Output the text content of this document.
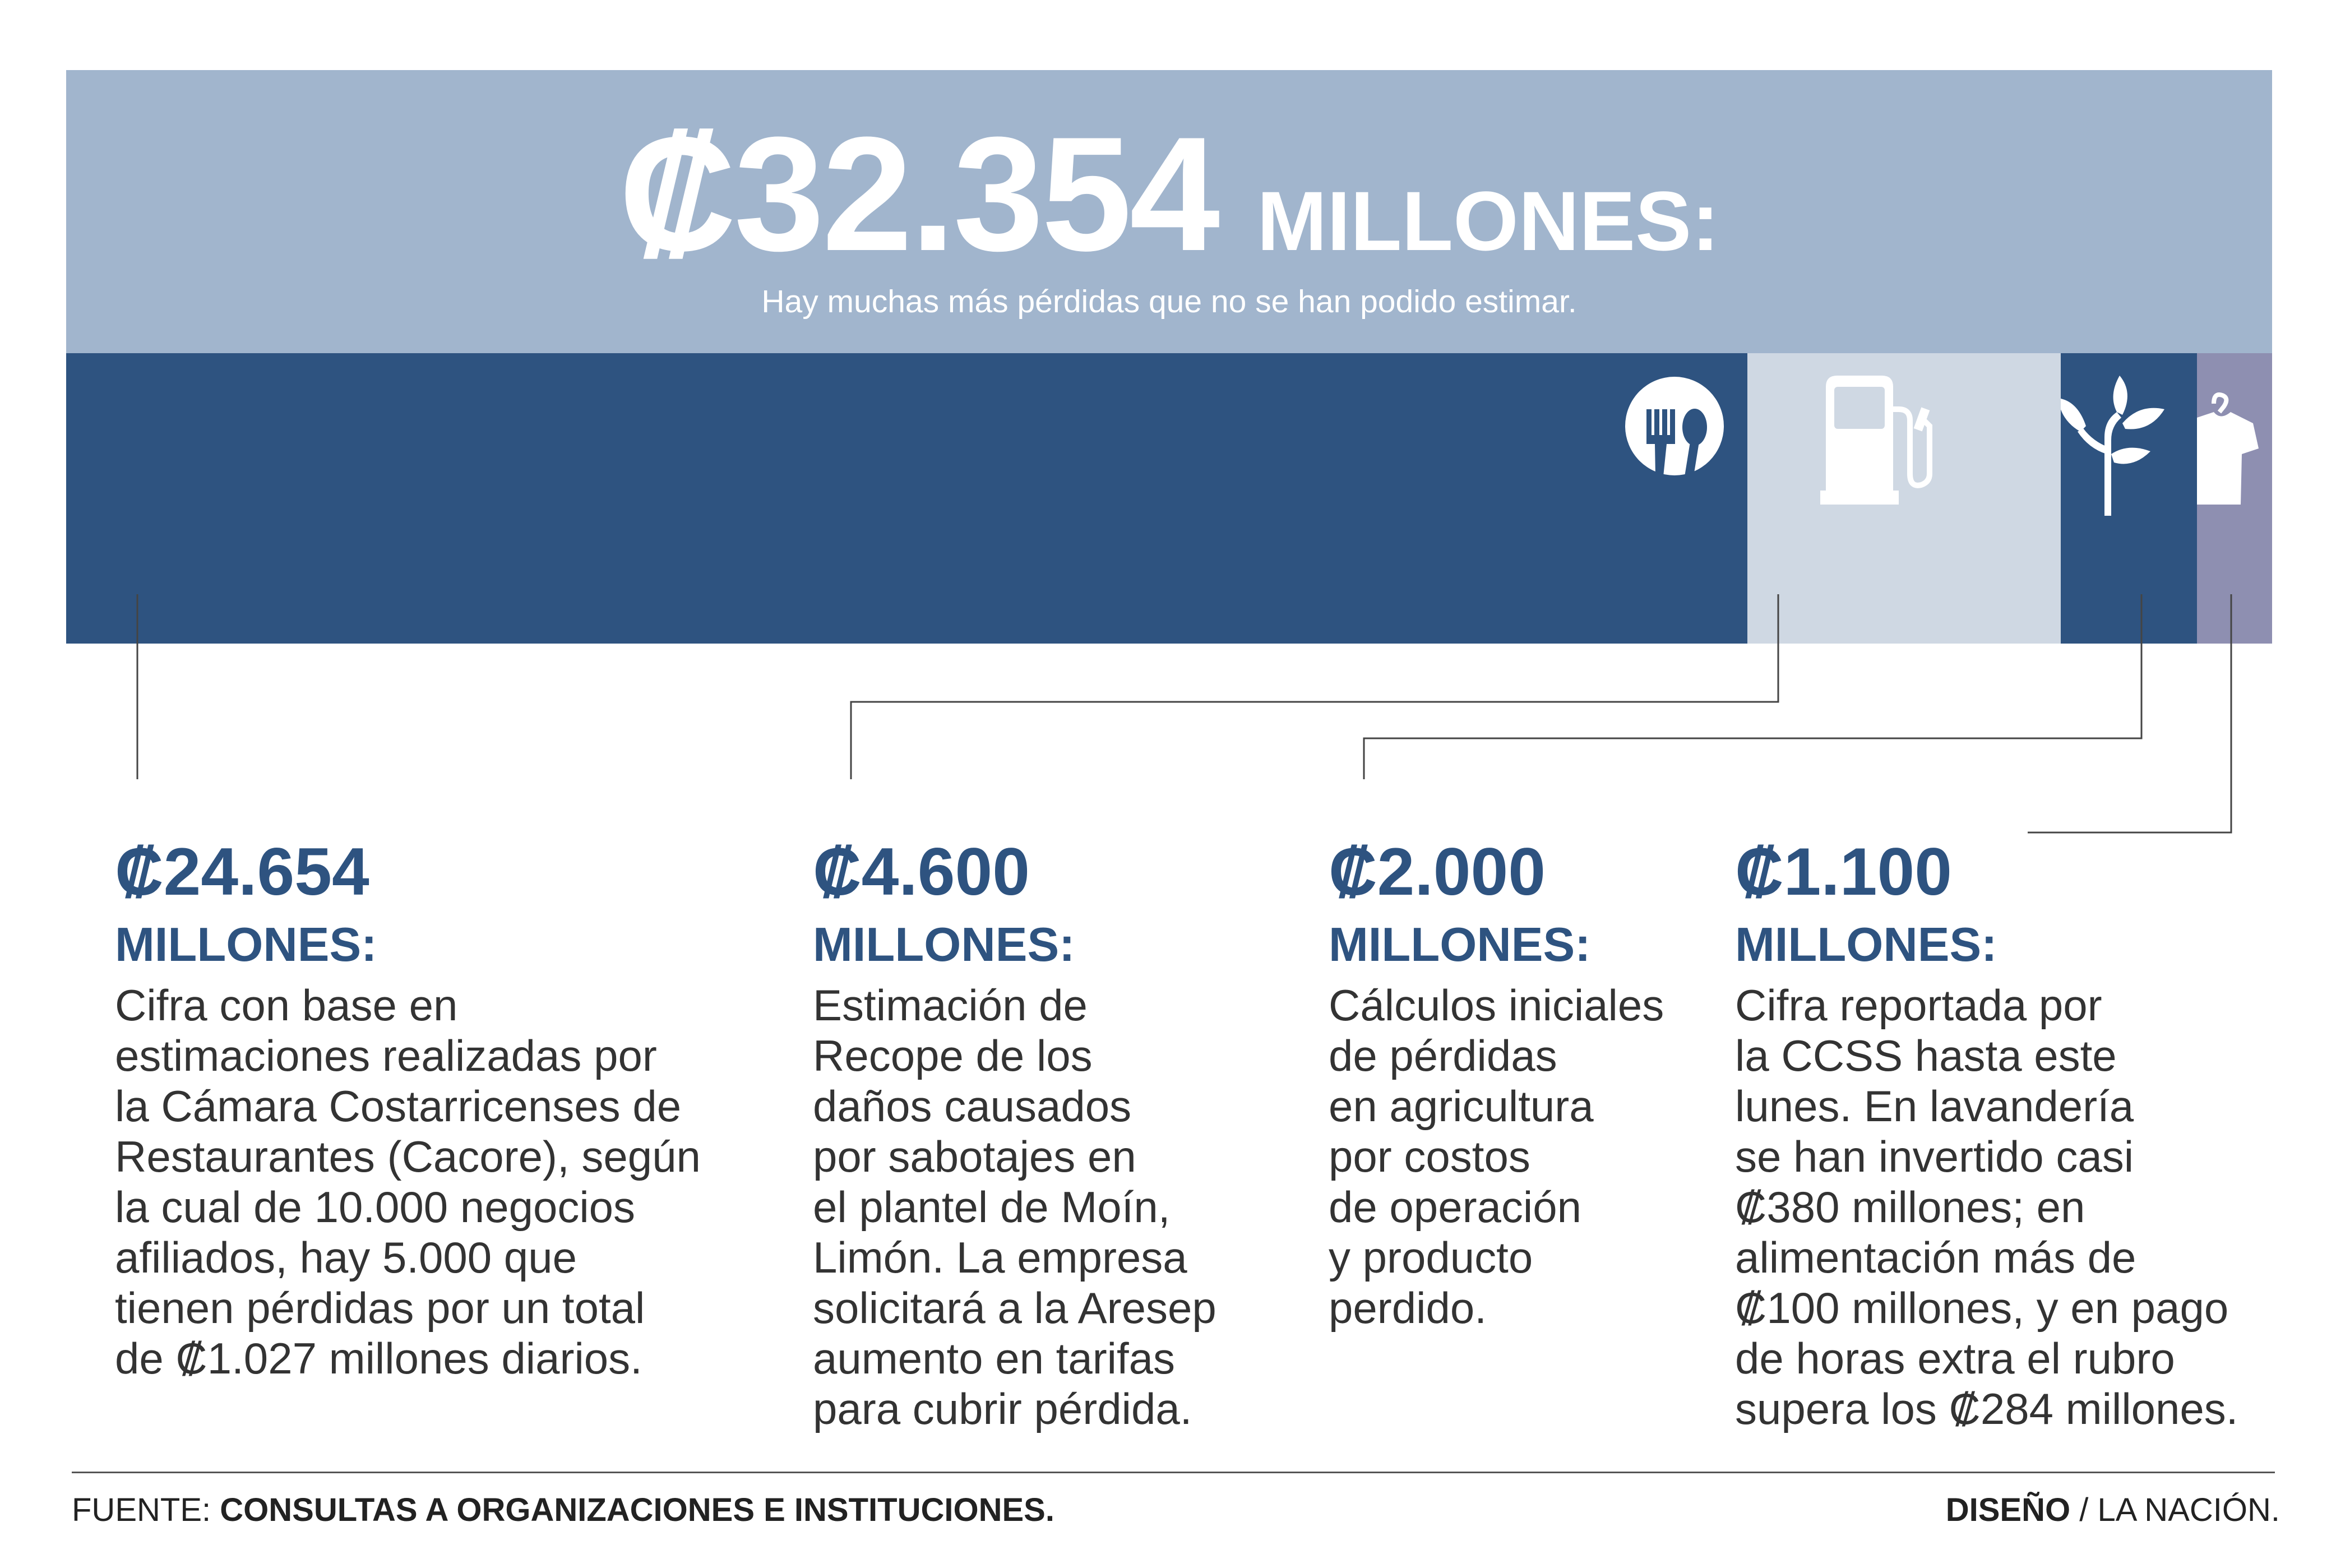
₡32.354 MILLONES:
Hay muchas más pérdidas que no se han podido estimar.
₡24.654
MILLONES:
Cifra con base en
estimaciones realizadas por
la Cámara Costarricenses de
Restaurantes (Cacore), según
la cual de 10.000 negocios
afiliados, hay 5.000 que
tienen pérdidas por un total
de ₡1.027 millones diarios.
₡4.600
MILLONES:
Estimación de
Recope de los
daños causados
por sabotajes en
el plantel de Moín,
Limón. La empresa
solicitará a la Aresep
aumento en tarifas
para cubrir pérdida.
₡2.000
MILLONES:
Cálculos iniciales
de pérdidas
en agricultura
por costos
de operación
y producto
perdido.
₡1.100
MILLONES:
Cifra reportada por
la CCSS hasta este
lunes. En lavandería
se han invertido casi
₡380 millones; en
alimentación más de
₡100 millones, y en pago
de horas extra el rubro
supera los ₡284 millones.
FUENTE: CONSULTAS A ORGANIZACIONES E INSTITUCIONES.	DISEÑO / LA NACIÓN.
